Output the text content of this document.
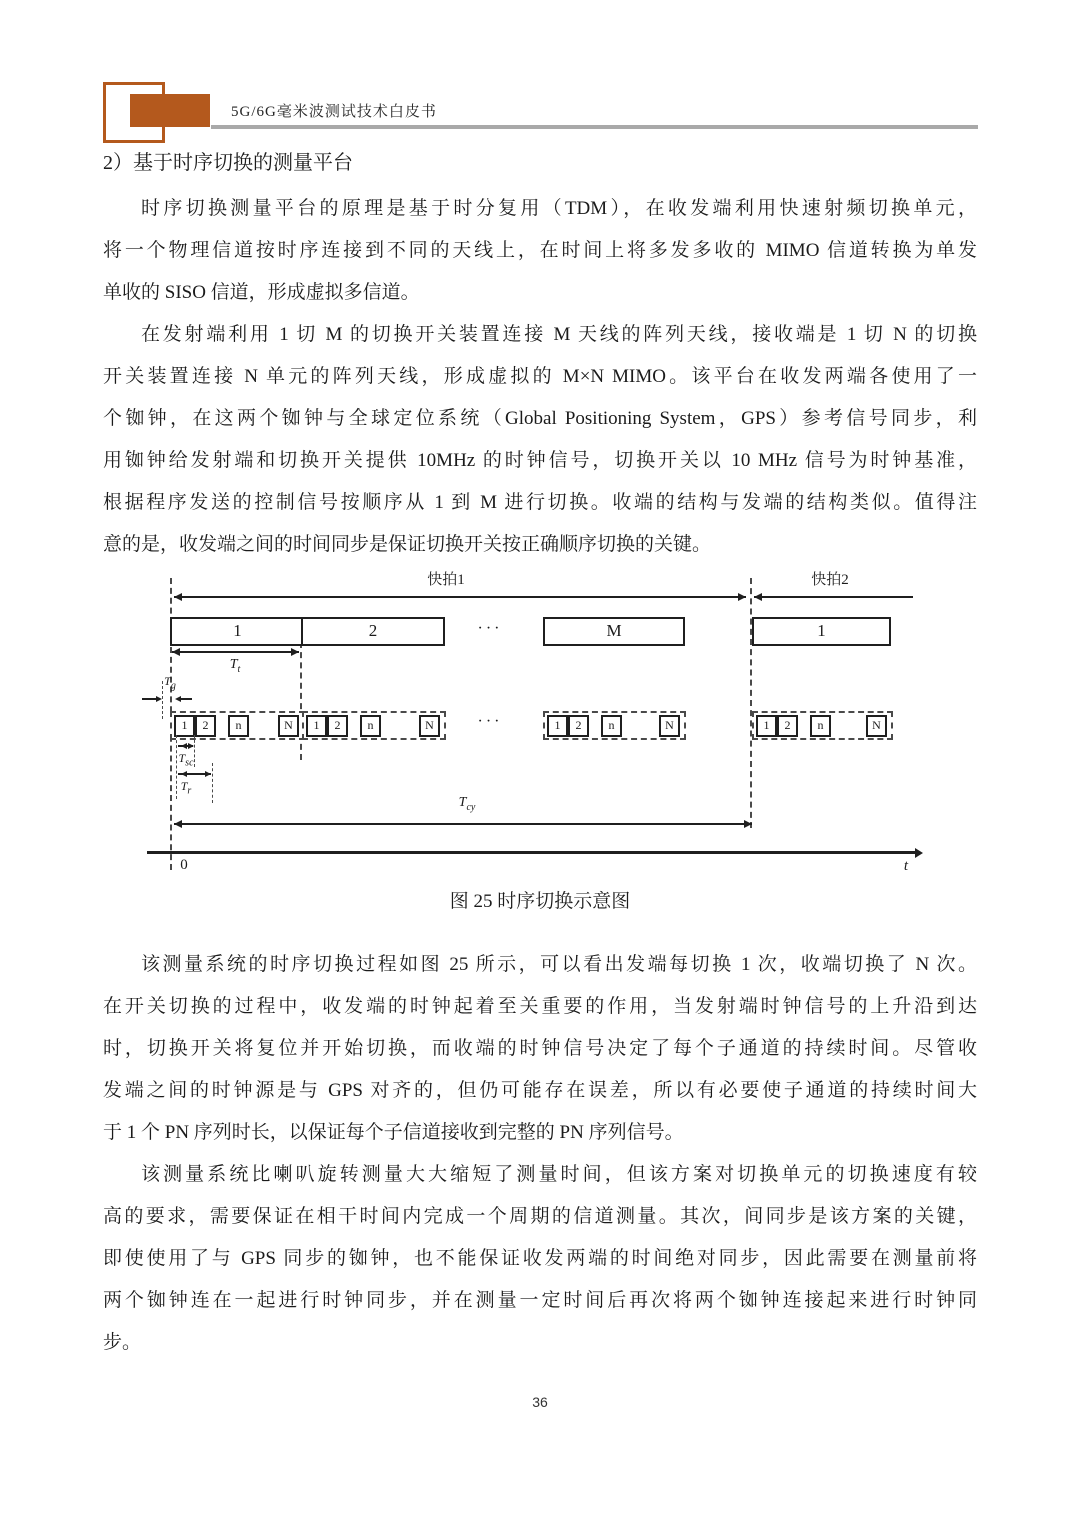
5G/6G毫米波测试技术白皮书
2）基于时序切换的测量平台
时序切换测量平台的原理是基于时分复用（TDM），在收发端利用快速射频切换单元，
将一个物理信道按时序连接到不同的天线上，在时间上将多发多收的 MIMO 信道转换为单发
单收的 SISO 信道，形成虚拟多信道。
在发射端利用 1 切 M 的切换开关装置连接 M 天线的阵列天线，接收端是 1 切 N 的切换
开关装置连接 N 单元的阵列天线，形成虚拟的 M×N MIMO。该平台在收发两端各使用了一
个铷钟，在这两个铷钟与全球定位系统（Global Positioning System，GPS）参考信号同步，利
用铷钟给发射端和切换开关提供 10MHz 的时钟信号，切换开关以 10 MHz 信号为时钟基准，
根据程序发送的控制信号按顺序从 1 到 M 进行切换。收端的结构与发端的结构类似。值得注
意的是，收发端之间的时间同步是保证切换开关按正确顺序切换的关键。
快拍1	快拍2
1	2	···	M	1
$T_t$
$T_g$
1	2	n	N	1	2	n	N	···	1	2	n	N	1	2	n	N
$T_{sc}$
$T_r$
$T_{cy}$
0	t
图 25 时序切换示意图
该测量系统的时序切换过程如图 25 所示，可以看出发端每切换 1 次，收端切换了 N 次。
在开关切换的过程中，收发端的时钟起着至关重要的作用，当发射端时钟信号的上升沿到达
时，切换开关将复位并开始切换，而收端的时钟信号决定了每个子通道的持续时间。尽管收
发端之间的时钟源是与 GPS 对齐的，但仍可能存在误差，所以有必要使子通道的持续时间大
于 1 个 PN 序列时长，以保证每个子信道接收到完整的 PN 序列信号。
该测量系统比喇叭旋转测量大大缩短了测量时间，但该方案对切换单元的切换速度有较
高的要求，需要保证在相干时间内完成一个周期的信道测量。其次，间同步是该方案的关键，
即使使用了与 GPS 同步的铷钟，也不能保证收发两端的时间绝对同步，因此需要在测量前将
两个铷钟连在一起进行时钟同步，并在测量一定时间后再次将两个铷钟连接起来进行时钟同
步。
36
